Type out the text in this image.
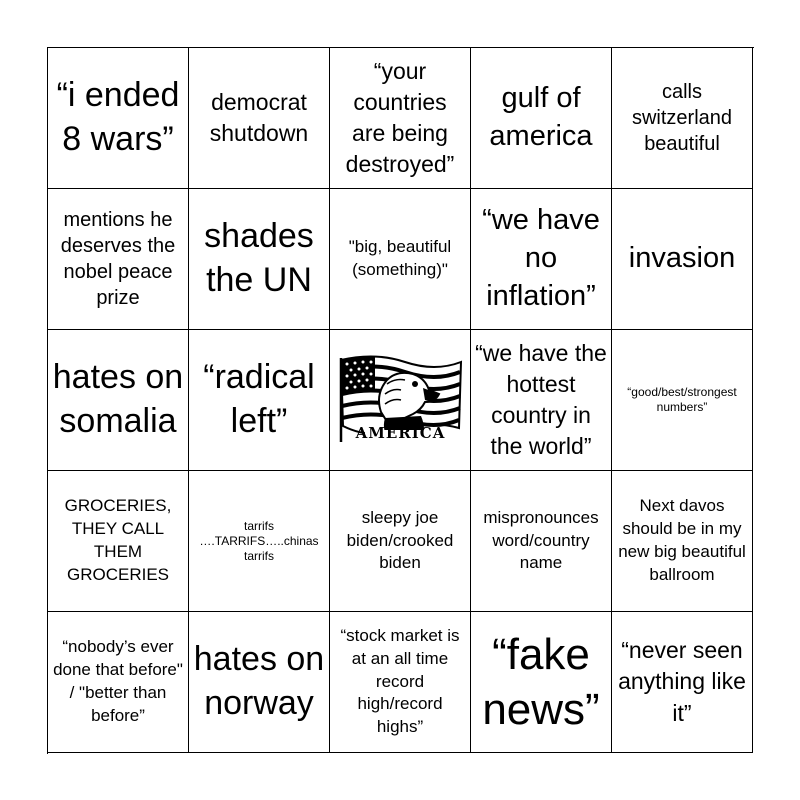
“i ended 8 wars”
democrat shutdown
“your countries are being destroyed”
gulf of america
calls switzerland beautiful
mentions he deserves the nobel peace prize
shades the UN
"big, beautiful (something)"
“we have no inflation”
invasion
hates on somalia
“radical left”
“we have the hottest country in the world”
“good/best/strongest numbers”
GROCERIES, THEY CALL THEM GROCERIES
tarrifs ….TARRIFS…..chinas tarrifs
sleepy joe biden/crooked biden
mispronounces word/country name
Next davos should be in my new big beautiful ballroom
“nobody’s ever done that before" / "better than before”
hates on norway
“stock market is at an all time record high/record highs”
“fake news”
“never seen anything like it”
AMERICA
